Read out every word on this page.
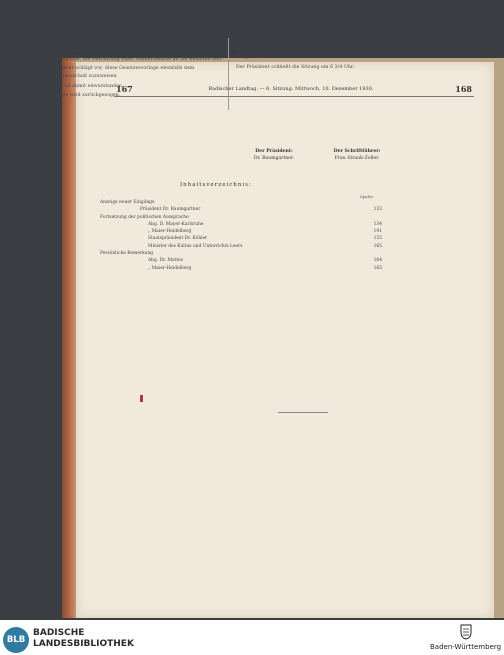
167	Badischer Landtag. — 6. Sitzung. Mittwoch, 10. Dezember 1930.	168

Präsident Dr. Baumgartner:

Weiter gibt der Präsident bekannt: Regierungs-mitteilung, die Gesetzesvorlage, die Gewährung einer Sonderbeihilfe an die Beamten betr.

Der Präsident schlägt vor, diese Gesetzesvorlage ebenfalls dem Haushaltsausschuß zuzuweisen.

Das Haus ist damit einverstanden.

Die Vorlage wird zurückgezogen.

Auf Vorschlag des Präsidenten wird die Sitzung hier abgebrochen und die nächste Sitzung auf morgen nachmittag 3/4 Uhr festgesetzt.

Der Präsident schließt die Sitzung um 6 3/4 Uhr.

Der Präsident:
Dr. Baumgartner.
Der Schriftführer:
Frau Straub-Zoller.
Inhaltsverzeichnis:
Spalte
Anzeige neuer Eingänge
Präsident Dr. Baumgartner	133
Fortsetzung der politischen Aussprache
Abg. D. Mayer-Karlsruhe	134
„ Maier-Heidelberg	141
Staatspräsident Dr. Köhler	155
Minister des Kultus und Unterrichts Leers	165
Persönliche Bemerkung
Abg. Dr. Mattes	164
„ Maier-Heidelberg	165
BLB
BADISCHE
LANDESBIBLIOTHEK	Baden-Württemberg
